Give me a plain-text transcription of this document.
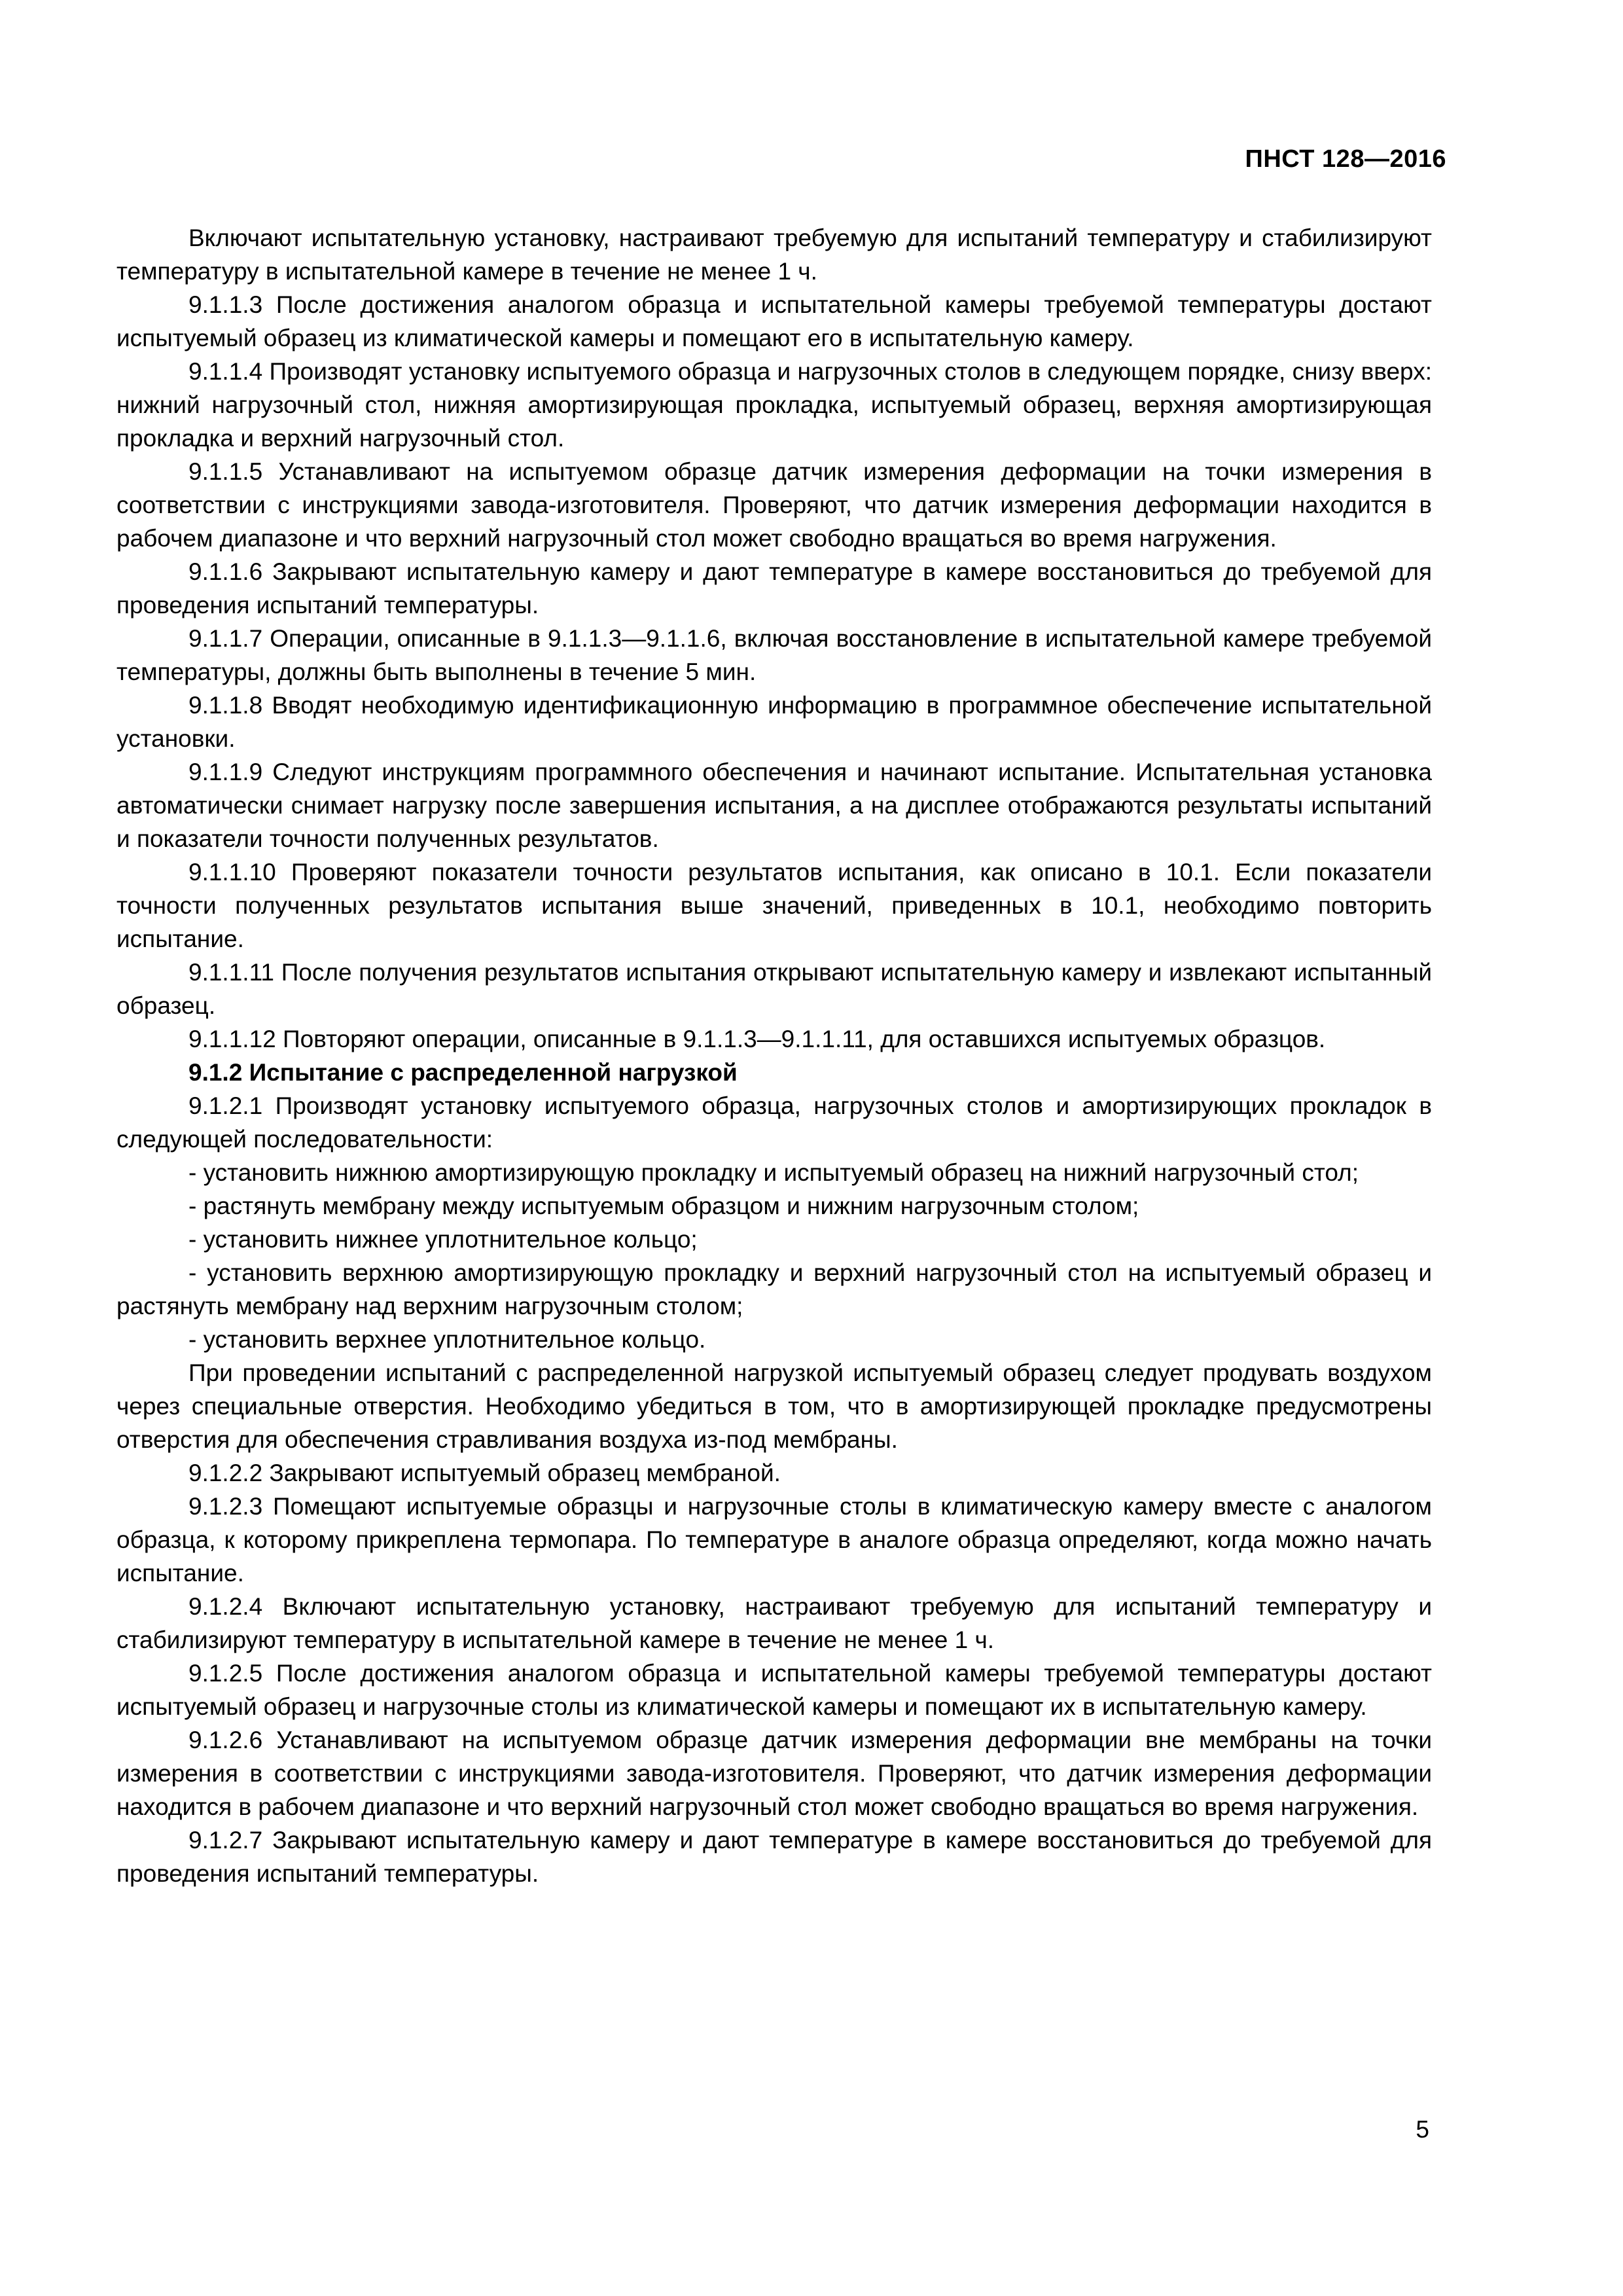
ПНСТ 128—2016

Включают испытательную установку, настраивают требуемую для испытаний температуру и стабилизируют температуру в испытательной камере в течение не менее 1 ч.

9.1.1.3 После достижения аналогом образца и испытательной камеры требуемой температуры достают испытуемый образец из климатической камеры и помещают его в испытательную камеру.

9.1.1.4 Производят установку испытуемого образца и нагрузочных столов в следующем порядке, снизу вверх: нижний нагрузочный стол, нижняя амортизирующая прокладка, испытуемый образец, верхняя амортизирующая прокладка и верхний нагрузочный стол.

9.1.1.5 Устанавливают на испытуемом образце датчик измерения деформации на точки измерения в соответствии с инструкциями завода-изготовителя. Проверяют, что датчик измерения деформации находится в рабочем диапазоне и что верхний нагрузочный стол может свободно вращаться во время нагружения.

9.1.1.6 Закрывают испытательную камеру и дают температуре в камере восстановиться до требуемой для проведения испытаний температуры.

9.1.1.7 Операции, описанные в 9.1.1.3—9.1.1.6, включая восстановление в испытательной камере требуемой температуры, должны быть выполнены в течение 5 мин.

9.1.1.8 Вводят необходимую идентификационную информацию в программное обеспечение испытательной установки.

9.1.1.9 Следуют инструкциям программного обеспечения и начинают испытание. Испытательная установка автоматически снимает нагрузку после завершения испытания, а на дисплее отображаются результаты испытаний и показатели точности полученных результатов.

9.1.1.10 Проверяют показатели точности результатов испытания, как описано в 10.1. Если показатели точности полученных результатов испытания выше значений, приведенных в 10.1, необходимо повторить испытание.

9.1.1.11 После получения результатов испытания открывают испытательную камеру и извлекают испытанный образец.

9.1.1.12 Повторяют операции, описанные в 9.1.1.3—9.1.1.11, для оставшихся испытуемых образцов.

9.1.2 Испытание с распределенной нагрузкой

9.1.2.1 Производят установку испытуемого образца, нагрузочных столов и амортизирующих прокладок в следующей последовательности:

- установить нижнюю амортизирующую прокладку и испытуемый образец на нижний нагрузочный стол;

- растянуть мембрану между испытуемым образцом и нижним нагрузочным столом;

- установить нижнее уплотнительное кольцо;

- установить верхнюю амортизирующую прокладку и верхний нагрузочный стол на испытуемый образец и растянуть мембрану над верхним нагрузочным столом;

- установить верхнее уплотнительное кольцо.

При проведении испытаний с распределенной нагрузкой испытуемый образец следует продувать воздухом через специальные отверстия. Необходимо убедиться в том, что в амортизирующей прокладке предусмотрены отверстия для обеспечения стравливания воздуха из-под мембраны.

9.1.2.2 Закрывают испытуемый образец мембраной.

9.1.2.3 Помещают испытуемые образцы и нагрузочные столы в климатическую камеру вместе с аналогом образца, к которому прикреплена термопара. По температуре в аналоге образца определяют, когда можно начать испытание.

9.1.2.4 Включают испытательную установку, настраивают требуемую для испытаний температуру и стабилизируют температуру в испытательной камере в течение не менее 1 ч.

9.1.2.5 После достижения аналогом образца и испытательной камеры требуемой температуры достают испытуемый образец и нагрузочные столы из климатической камеры и помещают их в испытательную камеру.

9.1.2.6 Устанавливают на испытуемом образце датчик измерения деформации вне мембраны на точки измерения в соответствии с инструкциями завода-изготовителя. Проверяют, что датчик измерения деформации находится в рабочем диапазоне и что верхний нагрузочный стол может свободно вращаться во время нагружения.

9.1.2.7 Закрывают испытательную камеру и дают температуре в камере восстановиться до требуемой для проведения испытаний температуры.

5
